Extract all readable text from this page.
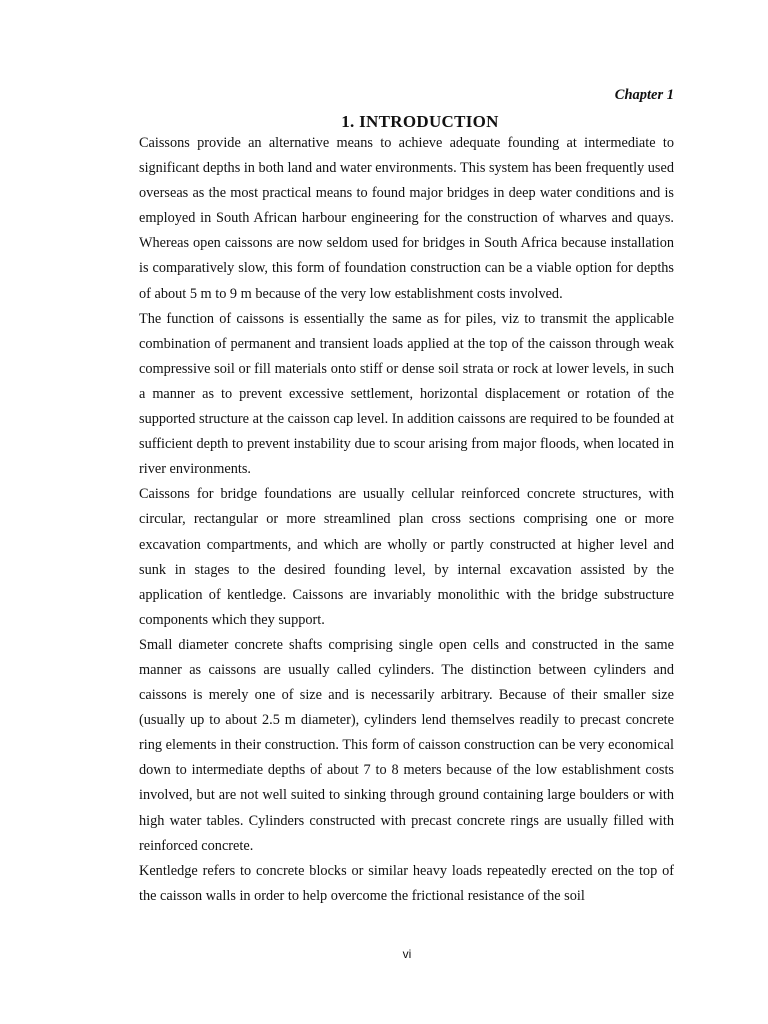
Chapter 1
1. INTRODUCTION

Caissons provide an alternative means to achieve adequate founding at intermediate to significant depths in both land and water environments. This system has been frequently used overseas as the most practical means to found major bridges in deep water conditions and is employed in South African harbour engineering for the construction of wharves and quays. Whereas open caissons are now seldom used for bridges in South Africa because installation is comparatively slow, this form of foundation construction can be a viable option for depths of about 5 m to 9 m because of the very low establishment costs involved.

The function of caissons is essentially the same as for piles, viz to transmit the applicable combination of permanent and transient loads applied at the top of the caisson through weak compressive soil or fill materials onto stiff or dense soil strata or rock at lower levels, in such a manner as to prevent excessive settlement, horizontal displacement or rotation of the supported structure at the caisson cap level. In addition caissons are required to be founded at sufficient depth to prevent instability due to scour arising from major floods, when located in river environments.

Caissons for bridge foundations are usually cellular reinforced concrete structures, with circular, rectangular or more streamlined plan cross sections comprising one or more excavation compartments, and which are wholly or partly constructed at higher level and sunk in stages to the desired founding level, by internal excavation assisted by the application of kentledge. Caissons are invariably monolithic with the bridge substructure components which they support.

Small diameter concrete shafts comprising single open cells and constructed in the same manner as caissons are usually called cylinders. The distinction between cylinders and caissons is merely one of size and is necessarily arbitrary. Because of their smaller size (usually up to about 2.5 m diameter), cylinders lend themselves readily to precast concrete ring elements in their construction. This form of caisson construction can be very economical down to intermediate depths of about 7 to 8 meters because of the low establishment costs involved, but are not well suited to sinking through ground containing large boulders or with high water tables. Cylinders constructed with precast concrete rings are usually filled with reinforced concrete.

Kentledge refers to concrete blocks or similar heavy loads repeatedly erected on the top of the caisson walls in order to help overcome the frictional resistance of the soil

vi
